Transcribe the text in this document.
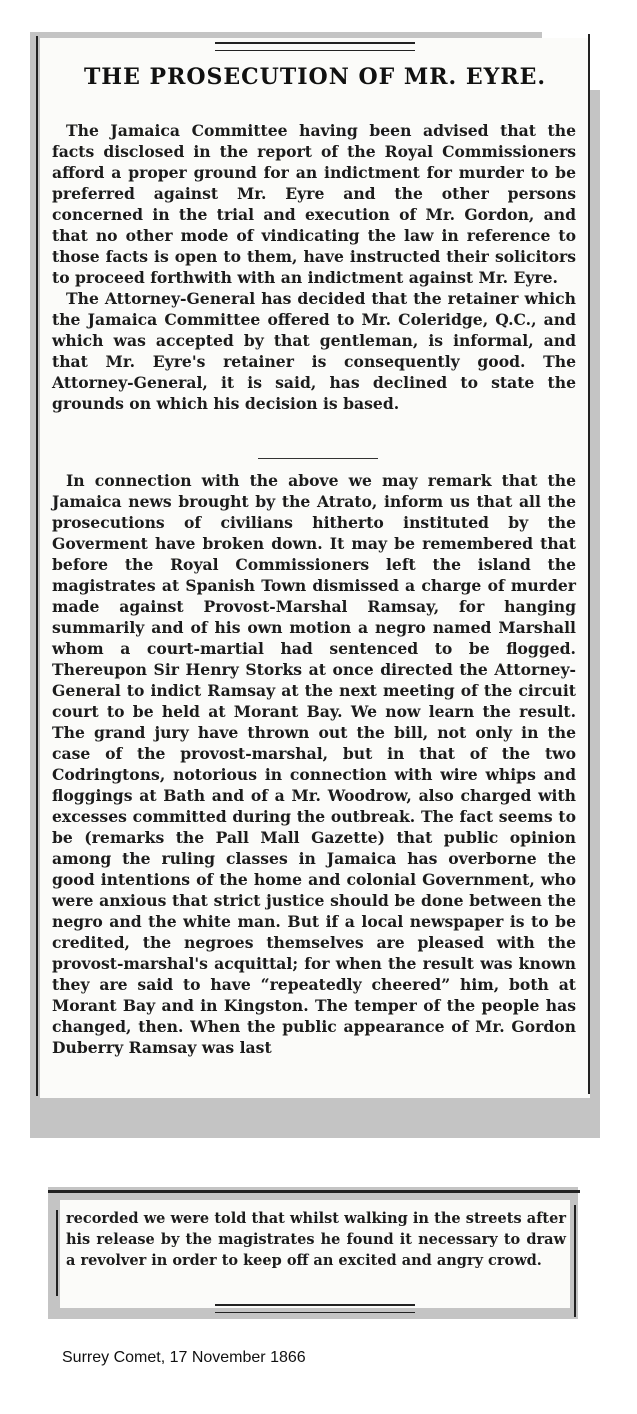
THE PROSECUTION OF MR. EYRE.

The Jamaica Committee having been advised that the facts disclosed in the report of the Royal Commissioners afford a proper ground for an indictment for murder to be preferred against Mr. Eyre and the other persons concerned in the trial and execution of Mr. Gordon, and that no other mode of vindicating the law in reference to those facts is open to them, have instructed their solicitors to proceed forthwith with an indictment against Mr. Eyre.

The Attorney-General has decided that the retainer which the Jamaica Committee offered to Mr. Coleridge, Q.C., and which was accepted by that gentleman, is informal, and that Mr. Eyre's retainer is consequently good. The Attorney-General, it is said, has declined to state the grounds on which his decision is based.

In connection with the above we may remark that the Jamaica news brought by the Atrato, inform us that all the prosecutions of civilians hitherto instituted by the Goverment have broken down. It may be remembered that before the Royal Commissioners left the island the magistrates at Spanish Town dismissed a charge of murder made against Provost-Marshal Ramsay, for hanging summarily and of his own motion a negro named Marshall whom a court-martial had sentenced to be flogged. Thereupon Sir Henry Storks at once directed the Attorney-General to indict Ramsay at the next meeting of the circuit court to be held at Morant Bay. We now learn the result. The grand jury have thrown out the bill, not only in the case of the provost-marshal, but in that of the two Codringtons, notorious in connection with wire whips and floggings at Bath and of a Mr. Woodrow, also charged with excesses committed during the outbreak. The fact seems to be (remarks the Pall Mall Gazette) that public opinion among the ruling classes in Jamaica has overborne the good intentions of the home and colonial Government, who were anxious that strict justice should be done between the negro and the white man. But if a local newspaper is to be credited, the negroes themselves are pleased with the provost-marshal's acquittal; for when the result was known they are said to have “repeatedly cheered” him, both at Morant Bay and in Kingston. The temper of the people has changed, then. When the public appearance of Mr. Gordon Duberry Ramsay was last

recorded we were told that whilst walking in the streets after his release by the magistrates he found it necessary to draw a revolver in order to keep off an excited and angry crowd.

Surrey Comet, 17 November 1866
